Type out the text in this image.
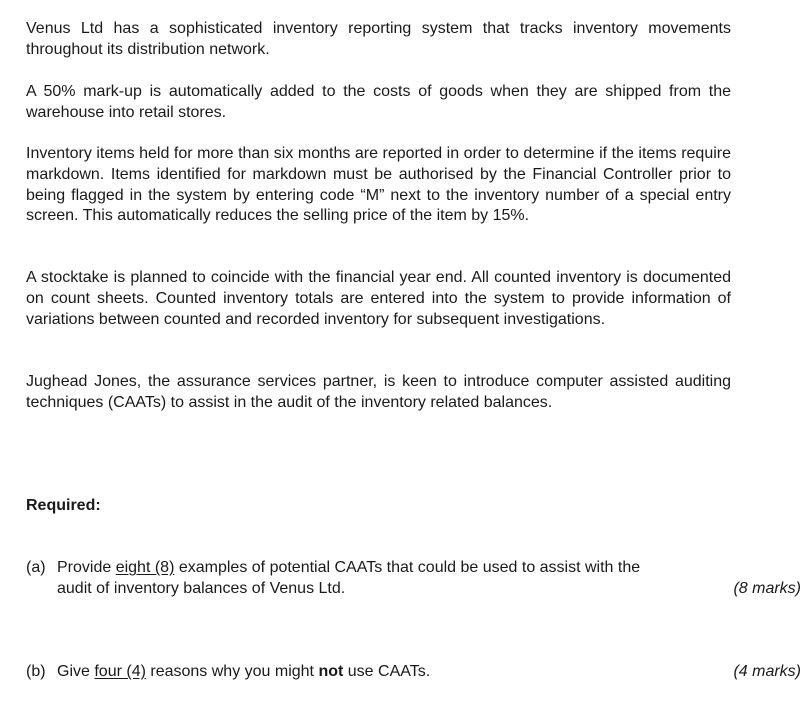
Venus Ltd has a sophisticated inventory reporting system that tracks inventory movements throughout its distribution network.

A 50% mark-up is automatically added to the costs of goods when they are shipped from the warehouse into retail stores.

Inventory items held for more than six months are reported in order to determine if the items require markdown. Items identified for markdown must be authorised by the Financial Controller prior to being flagged in the system by entering code “M” next to the inventory number of a special entry screen. This automatically reduces the selling price of the item by 15%.

A stocktake is planned to coincide with the financial year end. All counted inventory is documented on count sheets. Counted inventory totals are entered into the system to provide information of variations between counted and recorded inventory for subsequent investigations.

Jughead Jones, the assurance services partner, is keen to introduce computer assisted auditing techniques (CAATs) to assist in the audit of the inventory related balances.

Required:

(a) Provide eight (8) examples of potential CAATs that could be used to assist with the audit of inventory balances of Venus Ltd.	(8 marks)
(b) Give four (4) reasons why you might not use CAATs.	(4 marks)
